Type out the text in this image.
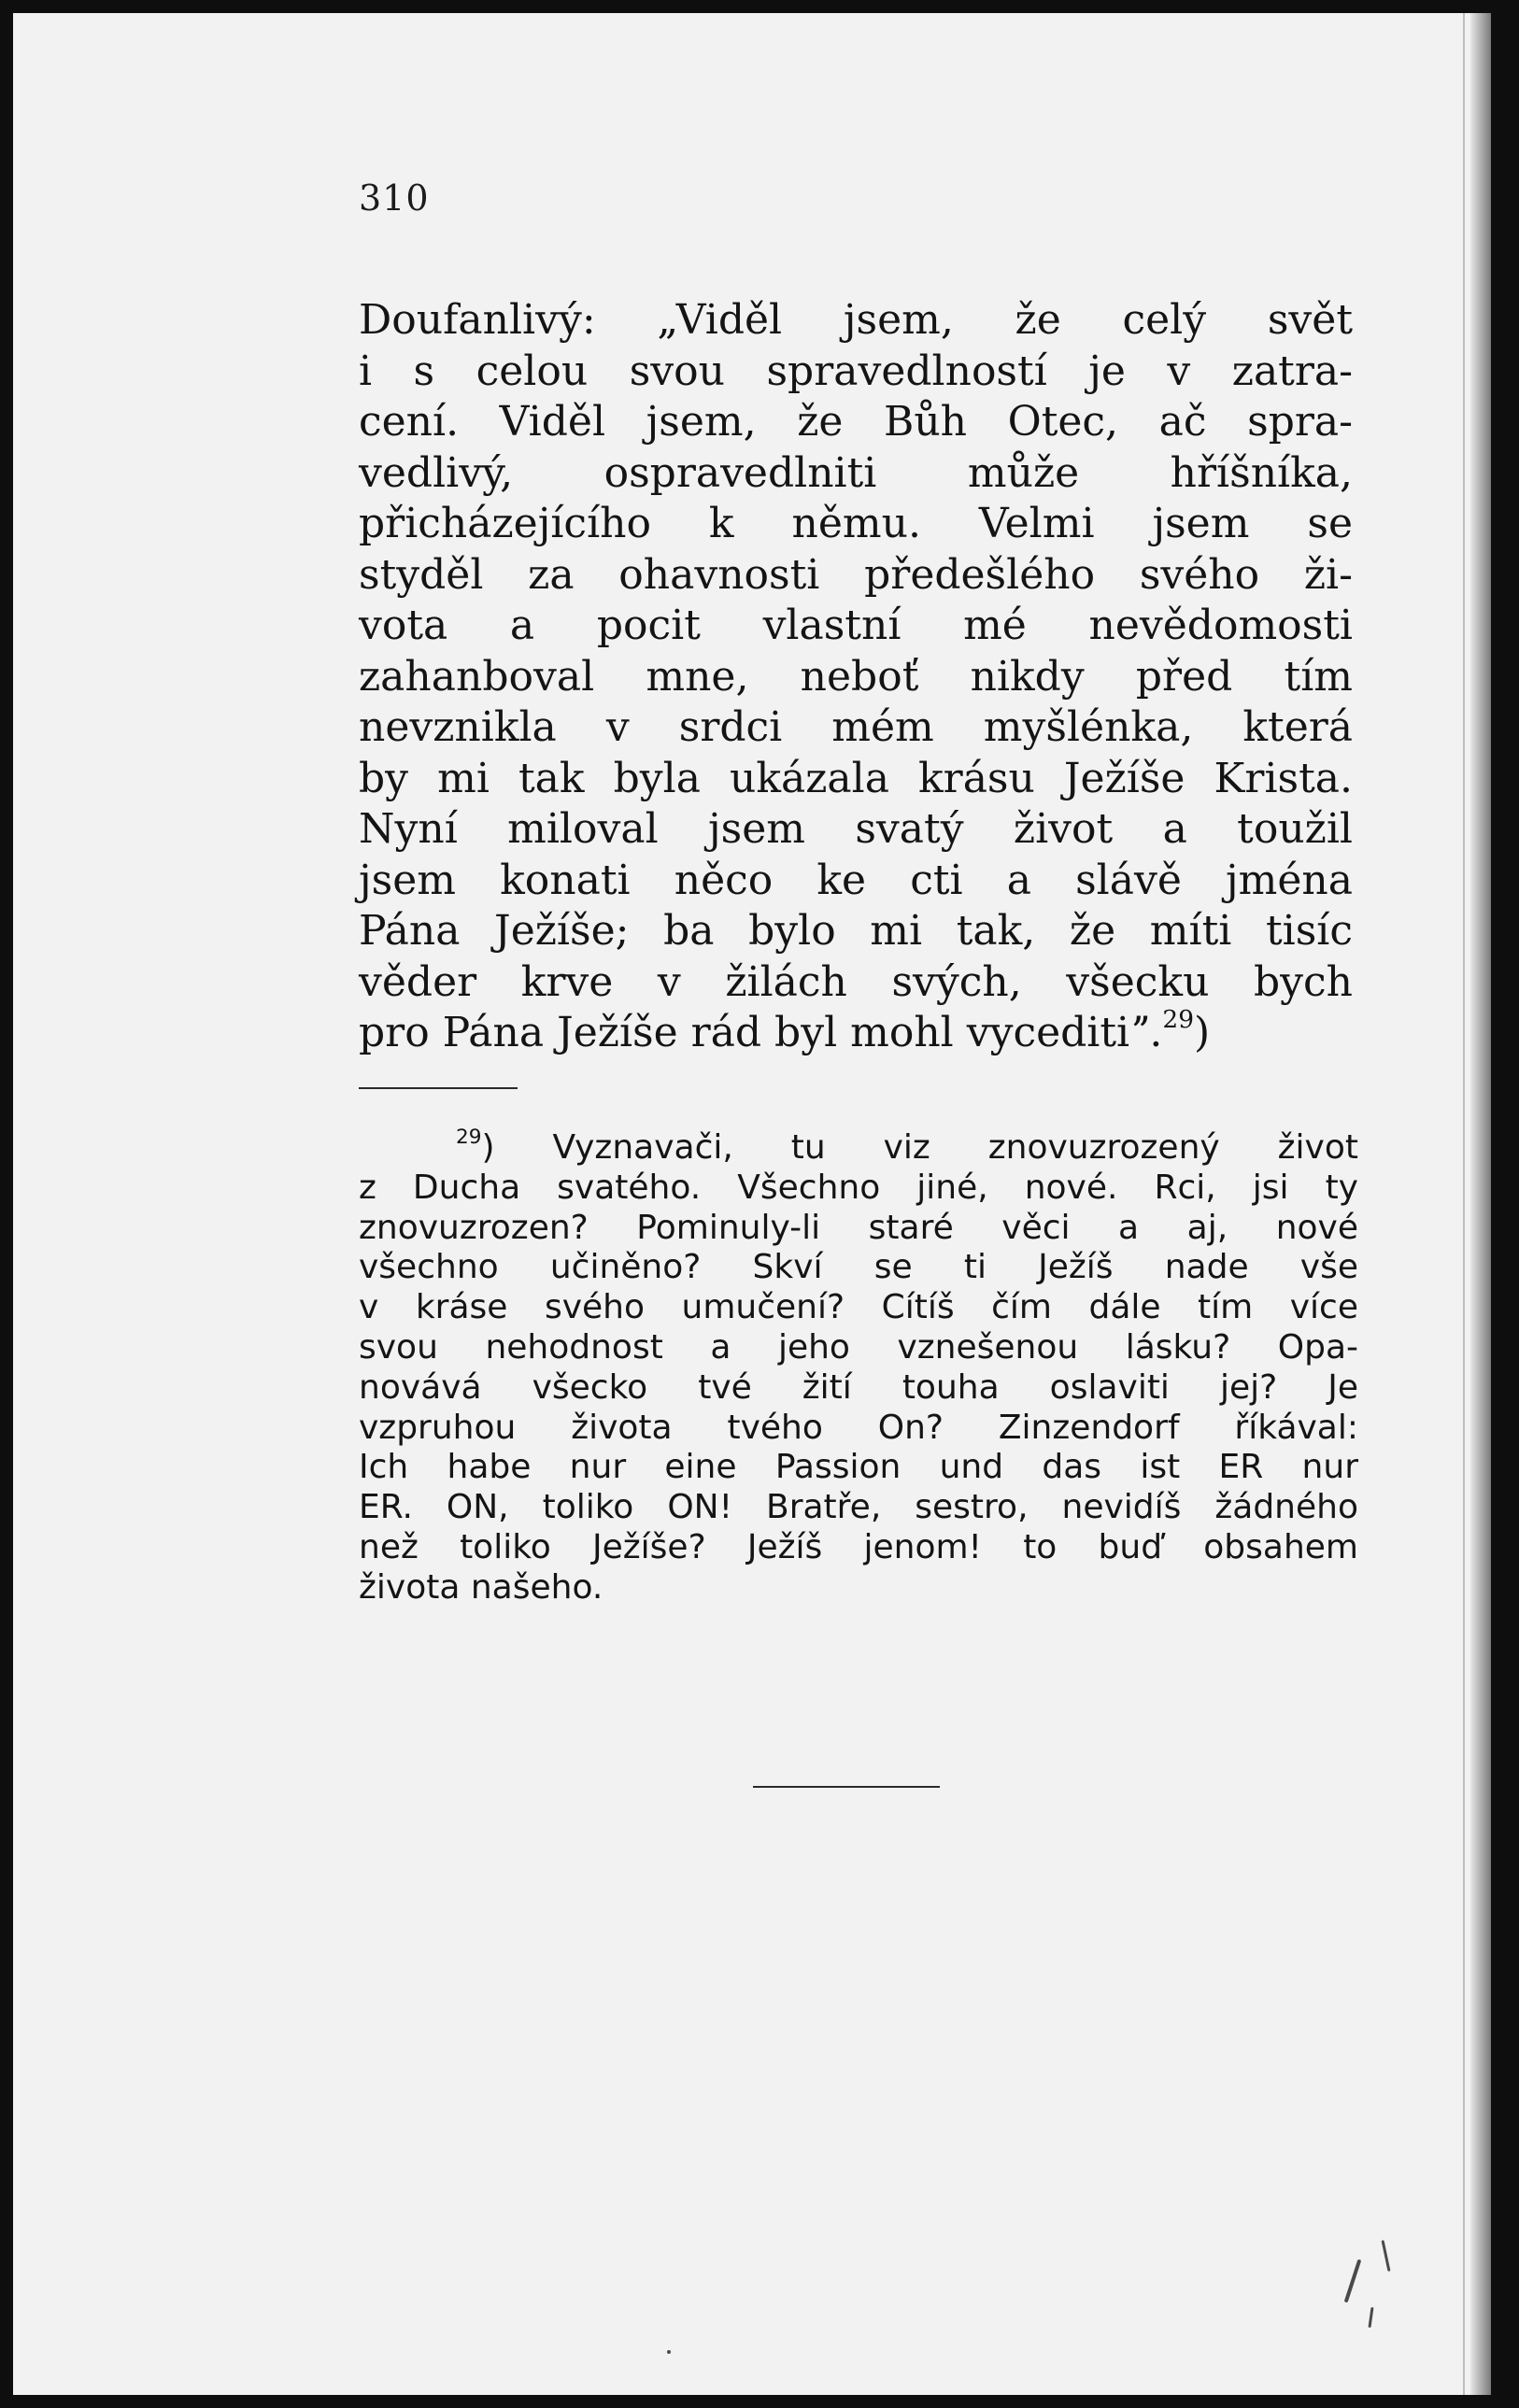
310

Doufanlivý: „Viděl jsem, že celý svět
i s celou svou spravedlností je v zatra-
cení. Viděl jsem, že Bůh Otec, ač spra-
vedlivý, ospravedlniti může hříšníka,
přicházejícího k němu. Velmi jsem se
styděl za ohavnosti předešlého svého ži-
vota a pocit vlastní mé nevědomosti
zahanboval mne, neboť nikdy před tím
nevznikla v srdci mém myšlénka, která
by mi tak byla ukázala krásu Ježíše Krista.
Nyní miloval jsem svatý život a toužil
jsem konati něco ke cti a slávě jména
Pána Ježíše; ba bylo mi tak, že míti tisíc
věder krve v žilách svých, všecku bych
pro Pána Ježíše rád byl mohl vyceditiˮ.$^{29}$)

$^{29}$) Vyznavači, tu viz znovuzrozený život
z Ducha svatého. Všechno jiné, nové. Rci, jsi ty
znovuzrozen? Pominuly-li staré věci a aj, nové
všechno učiněno? Skví se ti Ježíš nade vše
v kráse svého umučení? Cítíš čím dále tím více
svou nehodnost a jeho vznešenou lásku? Opa-
novává všecko tvé žití touha oslaviti jej? Je
vzpruhou života tvého On? Zinzendorf říkával:
Ich habe nur eine Passion und das ist ER nur
ER. ON, toliko ON! Bratře, sestro, nevidíš žádného
než toliko Ježíše? Ježíš jenom! to buď obsahem
života našeho.
